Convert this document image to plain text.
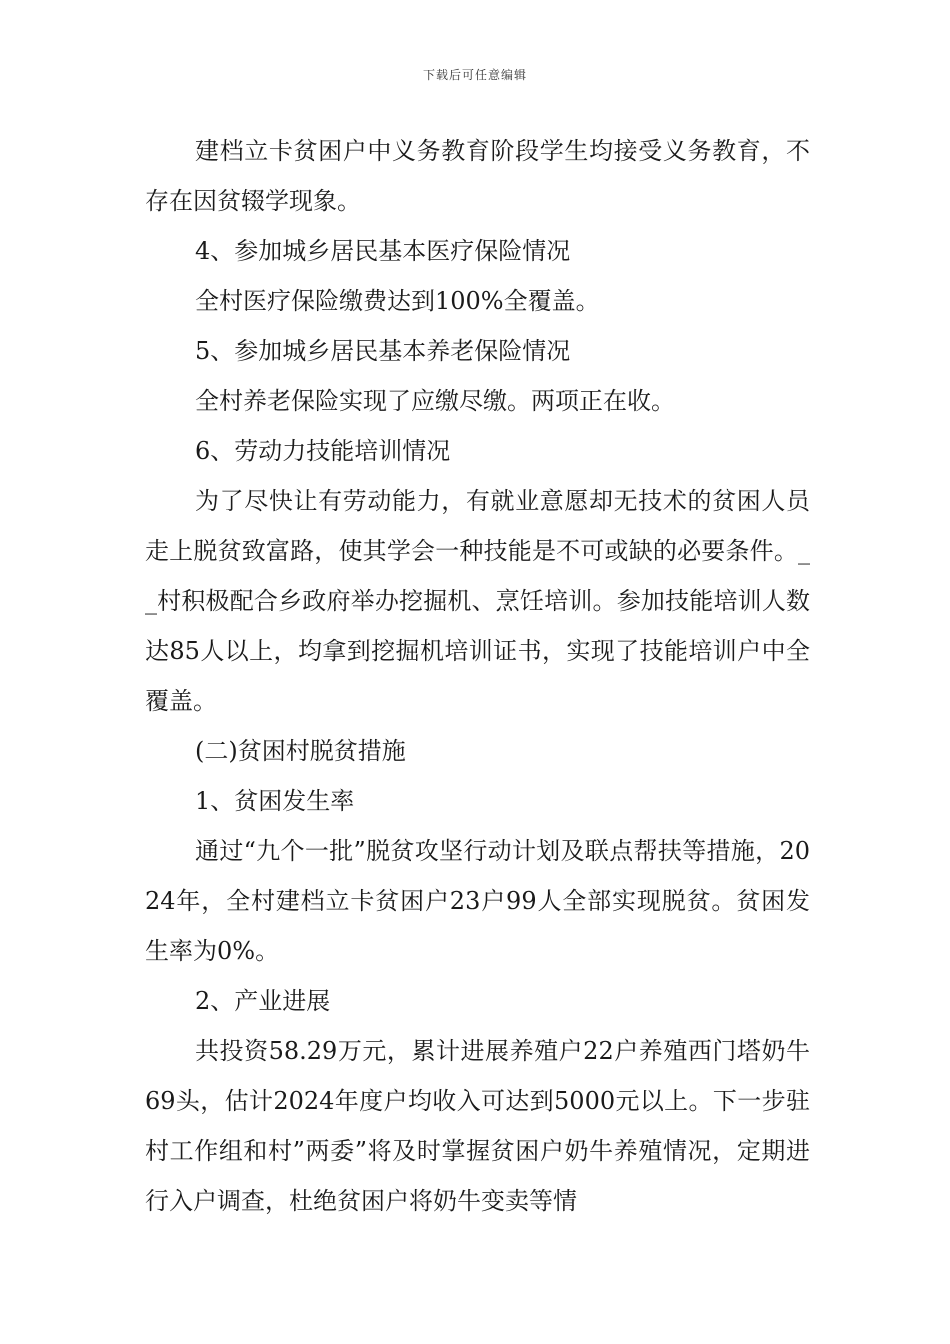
下载后可任意编辑

建档立卡贫困户中义务教育阶段学生均接受义务教育，不存在因贫辍学现象。

4、参加城乡居民基本医疗保险情况

全村医疗保险缴费达到100%全覆盖。

5、参加城乡居民基本养老保险情况

全村养老保险实现了应缴尽缴。两项正在收。

6、劳动力技能培训情况

为了尽快让有劳动能力，有就业意愿却无技术的贫困人员走上脱贫致富路，使其学会一种技能是不可或缺的必要条件。__村积极配合乡政府举办挖掘机、烹饪培训。参加技能培训人数达85人以上，均拿到挖掘机培训证书，实现了技能培训户中全覆盖。

(二)贫困村脱贫措施

1、贫困发生率

通过“九个一批”脱贫攻坚行动计划及联点帮扶等措施，2024年，全村建档立卡贫困户23户99人全部实现脱贫。贫困发生率为0%。

2、产业进展

共投资58.29万元，累计进展养殖户22户养殖西门塔奶牛69头，估计2024年度户均收入可达到5000元以上。下一步驻村工作组和村”两委”将及时掌握贫困户奶牛养殖情况，定期进行入户调查，杜绝贫困户将奶牛变卖等情
